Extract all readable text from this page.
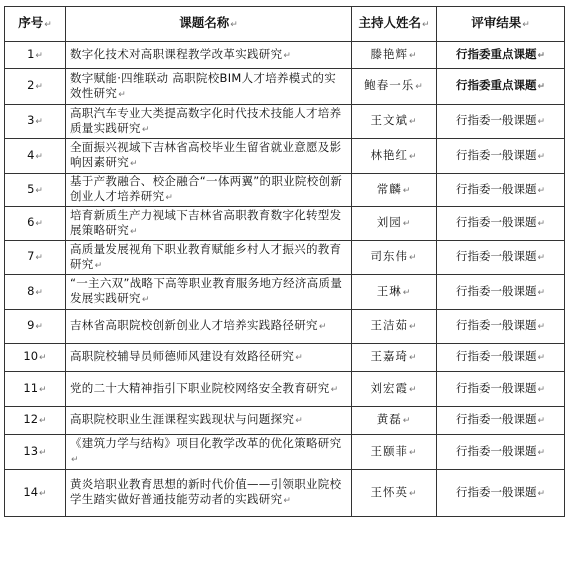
序号↵	课题名称↵	主持人姓名↵	评审结果↵
1↵	数字化技术对高职课程教学改革实践研究↵	滕艳辉↵	行指委重点课题↵
2↵	数字赋能·四维联动 高职院校BIM人才培养模式的实效性研究↵	鲍春一乐↵	行指委重点课题↵
3↵	高职汽车专业大类提高数字化时代技术技能人才培养质量实践研究↵	王文斌↵	行指委一般课题↵
4↵	全面振兴视域下吉林省高校毕业生留省就业意愿及影响因素研究↵	林艳红↵	行指委一般课题↵
5↵	基于产教融合、校企融合“一体两翼”的职业院校创新创业人才培养研究↵	常麟↵	行指委一般课题↵
6↵	培育新质生产力视域下吉林省高职教育数字化转型发展策略研究↵	刘园↵	行指委一般课题↵
7↵	高质量发展视角下职业教育赋能乡村人才振兴的教育研究↵	司东伟↵	行指委一般课题↵
8↵	“一主六双”战略下高等职业教育服务地方经济高质量发展实践研究↵	王琳↵	行指委一般课题↵
9↵	吉林省高职院校创新创业人才培养实践路径研究↵	王洁茹↵	行指委一般课题↵
10↵	高职院校辅导员师德师风建设有效路径研究↵	王嘉琦↵	行指委一般课题↵
11↵	党的二十大精神指引下职业院校网络安全教育研究↵	刘宏霞↵	行指委一般课题↵
12↵	高职院校职业生涯课程实践现状与问题探究↵	黄磊↵	行指委一般课题↵
13↵	《建筑力学与结构》项目化教学改革的优化策略研究↵	王颐菲↵	行指委一般课题↵
14↵	黄炎培职业教育思想的新时代价值——引领职业院校学生踏实做好普通技能劳动者的实践研究↵	王怀英↵	行指委一般课题↵
